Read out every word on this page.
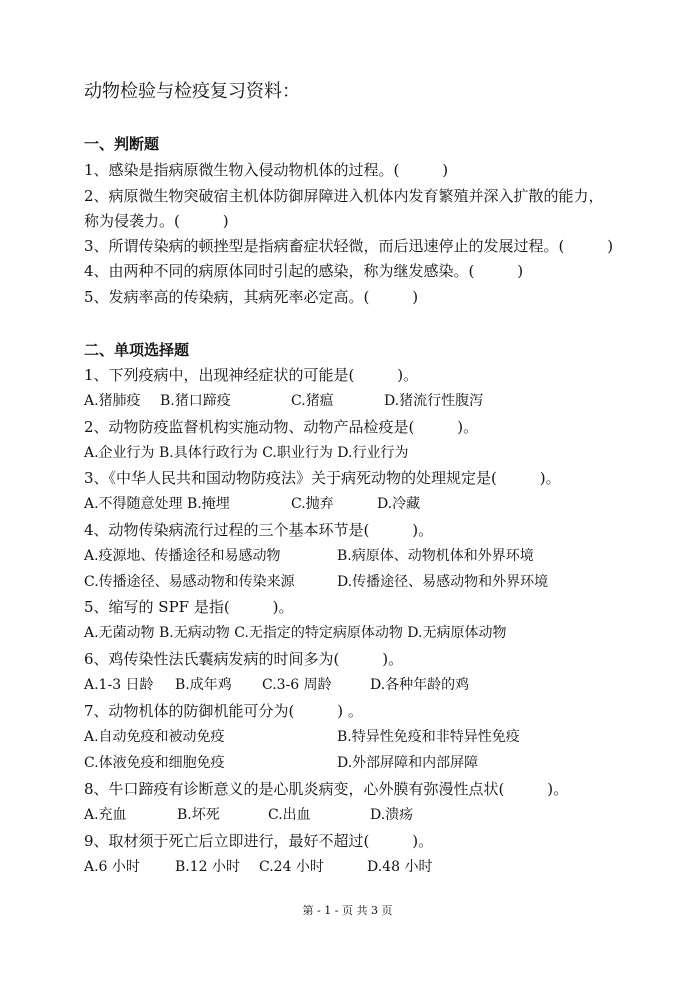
动物检验与检疫复习资料：
一、判断题
1、感染是指病原微生物入侵动物机体的过程。(         )
2、病原微生物突破宿主机体防御屏障进入机体内发育繁殖并深入扩散的能力，
称为侵袭力。(         )
3、所谓传染病的顿挫型是指病畜症状轻微，而后迅速停止的发展过程。(         )
4、由两种不同的病原体同时引起的感染，称为继发感染。(         )
5、发病率高的传染病，其病死率必定高。(         )
二、单项选择题
1、下列疫病中，出现神经症状的可能是(         )。
A.猪肺疫 B.猪口蹄疫	C.猪瘟	D.猪流行性腹泻
2、动物防疫监督机构实施动物、动物产品检疫是(         )。
A.企业行为 B.具体行政行为 C.职业行为 D.行业行为
3、《中华人民共和国动物防疫法》关于病死动物的处理规定是(         )。
A.不得随意处理 B.掩埋	C.抛弃	D.冷藏
4、动物传染病流行过程的三个基本环节是(         )。
A.疫源地、传播途径和易感动物	B.病原体、动物机体和外界环境
C.传播途径、易感动物和传染来源	D.传播途径、易感动物和外界环境
5、缩写的 SPF 是指(         )。
A.无菌动物 B.无病动物 C.无指定的特定病原体动物 D.无病原体动物
6、鸡传染性法氏囊病发病的时间多为(         )。
A.1-3 日龄 B.成年鸡 C.3-6 周龄	D.各种年龄的鸡
7、动物机体的防御机能可分为(         ) 。
A.自动免疫和被动免疫	B.特异性免疫和非特异性免疫
C.体液免疫和细胞免疫	D.外部屏障和内部屏障
8、牛口蹄疫有诊断意义的是心肌炎病变，心外膜有弥漫性点状(         )。
A.充血	B.坏死	C.出血	D.溃疡
9、取材须于死亡后立即进行，最好不超过(         )。
A.6 小时	B.12 小时 C.24 小时	D.48 小时
第 - 1 - 页 共 3 页
